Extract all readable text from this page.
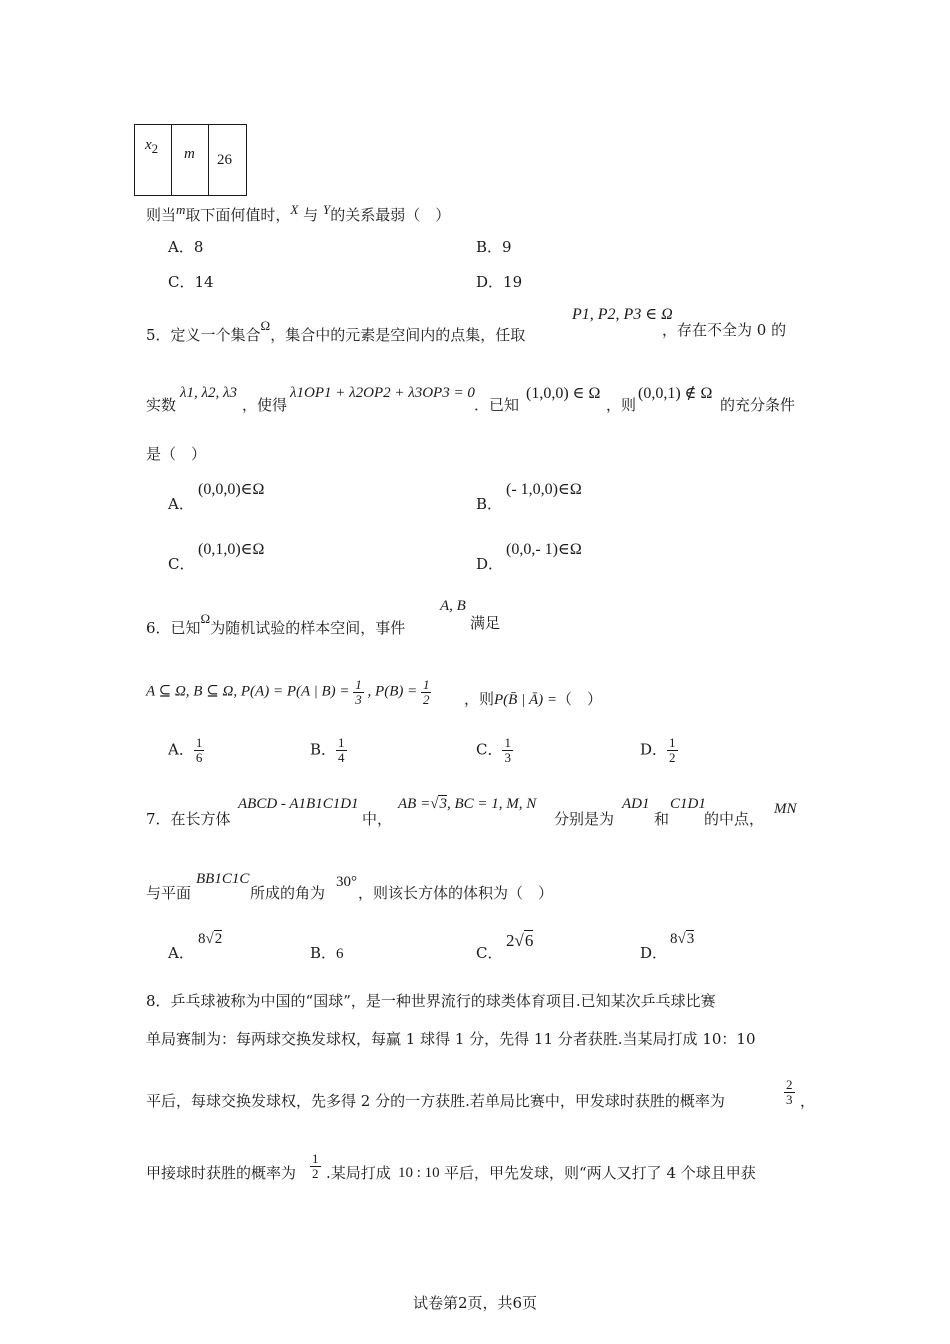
$x_2$	m	26
则当$^m$取下面何值时，$^X$ 与 $^Y$的关系最弱（　）
A．8	B．9
C．14	D．19
5．定义一个集合$^\Omega$，集合中的元素是空间内的点集，任取
P1, P2, P3 ∈ Ω
，存在不全为 0 的
实数
λ1, λ2, λ3
，使得
λ1OP1 + λ2OP2 + λ3OP3 = 0
．已知
(1,0,0) ∈ Ω
，则
(0,0,1) ∉ Ω
的充分条件
是（　）
A．
(0,0,0)∈Ω
B．
(- 1,0,0)∈Ω
C．
(0,1,0)∈Ω
D．
(0,0,- 1)∈Ω
6．已知$^\Omega$为随机试验的样本空间，事件
A, B
满足
A ⊆ Ω, B ⊆ Ω, P(A) = P(A | $B) = \frac{1}{3}$ , $P(B) = \frac{1}{2}$ ，则P(B̄ | Ā) =（　）
A． $\frac{1}{6}$	B． $\frac{1}{4}$	C． $\frac{1}{3}$	D． $\frac{1}{2}$
7．在长方体
ABCD - A1B1C1D1
中，
AB =√3, BC = 1, M, N
分别是为
AD1
和
C1D1
的中点，
MN
与平面
BB1C1C
所成的角为
30°
，则该长方体的体积为（　）
A．
8√2
B．6	C．
2√6
D．
8√3
8．乒乓球被称为中国的“国球”，是一种世界流行的球类体育项目.已知某次乒乓球比赛
单局赛制为：每两球交换发球权，每赢 1 球得 1 分，先得 11 分者获胜.当某局打成 10：10
平后，每球交换发球权，先多得 2 分的一方获胜.若单局比赛中，甲发球时获胜的概率为	$\frac{2}{3}$ ，
甲接球时获胜的概率为 $\frac{1}{2}$ .某局打成 10 : 10 平后，甲先发球，则“两人又打了 4 个球且甲获
试卷第2页，共6页
